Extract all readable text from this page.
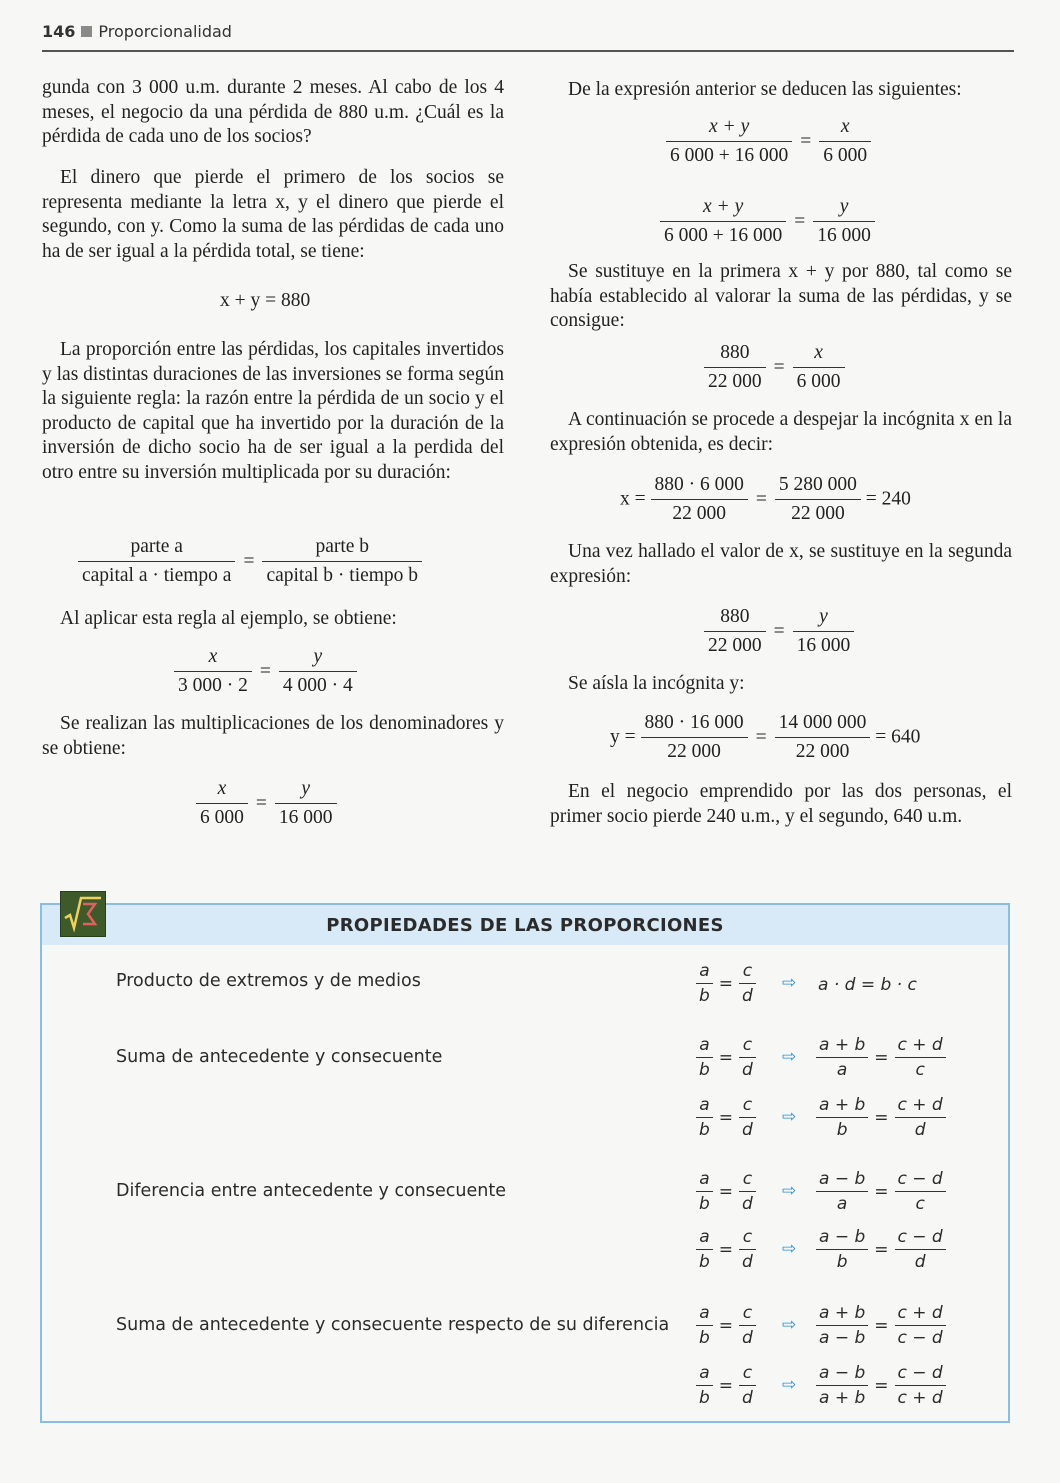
146 Proporcionalidad

gunda con 3 000 u.m. durante 2 meses. Al cabo de los 4 meses, el negocio da una pérdida de 880 u.m. ¿Cuál es la pérdida de cada uno de los socios?

El dinero que pierde el primero de los socios se representa mediante la letra x, y el dinero que pierde el segundo, con y. Como la suma de las pérdidas de cada uno ha de ser igual a la pérdida total, se tiene:

x + y = 880

La proporción entre las pérdidas, los capitales invertidos y las distintas duraciones de las inversiones se forma según la siguiente regla: la razón entre la pérdida de un socio y el producto de capital que ha invertido por la duración de la inversión de dicho socio ha de ser igual a la perdida del otro entre su inversión multiplicada por su duración:

$\frac{\text{parte a}}{\text{capital a · tiempo a}} = \frac{\text{parte b}}{\text{capital b · tiempo b}}$

Al aplicar esta regla al ejemplo, se obtiene:

$\frac{x}{3 000 \cdot 2} = \frac{y}{4 000 \cdot 4}$

Se realizan las multiplicaciones de los denominadores y se obtiene:

$\frac{x}{6 000} = \frac{y}{16 000}$

De la expresión anterior se deducen las siguientes:

$\frac{x + y}{6 000 + 16 000} = \frac{x}{6 000}$
$\frac{x + y}{6 000 + 16 000} = \frac{y}{16 000}$

Se sustituye en la primera x + y por 880, tal como se había establecido al valorar la suma de las pérdidas, y se consigue:

$\frac{880}{22 000} = \frac{x}{6 000}$

A continuación se procede a despejar la incógnita x en la expresión obtenida, es decir:

$x = \frac{880 \cdot 6 000}{22 000} = \frac{5 280 000}{22 000} = 240$

Una vez hallado el valor de x, se sustituye en la segunda expresión:

$\frac{880}{22 000} = \frac{y}{16 000}$

Se aísla la incógnita y:

$y = \frac{880 \cdot 16 000}{22 000} = \frac{14 000 000}{22 000} = 640$

En el negocio emprendido por las dos personas, el primer socio pierde 240 u.m., y el segundo, 640 u.m.

PROPIEDADES DE LAS PROPORCIONES
Producto de extremos y de medios
Suma de antecedente y consecuente
Diferencia entre antecedente y consecuente
Suma de antecedente y consecuente respecto de su diferencia
$\frac{a}{b} = \frac{c}{d}$ ⇨ a · d = b · c
$\frac{a}{b} = \frac{c}{d}$ ⇨ $\frac{a + b}{a} = \frac{c + d}{c}$
$\frac{a}{b} = \frac{c}{d}$ ⇨ $\frac{a + b}{b} = \frac{c + d}{d}$
$\frac{a}{b} = \frac{c}{d}$ ⇨ $\frac{a - b}{a} = \frac{c - d}{c}$
$\frac{a}{b} = \frac{c}{d}$ ⇨ $\frac{a - b}{b} = \frac{c - d}{d}$
$\frac{a}{b} = \frac{c}{d}$ ⇨ $\frac{a + b}{a - b} = \frac{c + d}{c - d}$
$\frac{a}{b} = \frac{c}{d}$ ⇨ $\frac{a - b}{a + b} = \frac{c - d}{c + d}$
